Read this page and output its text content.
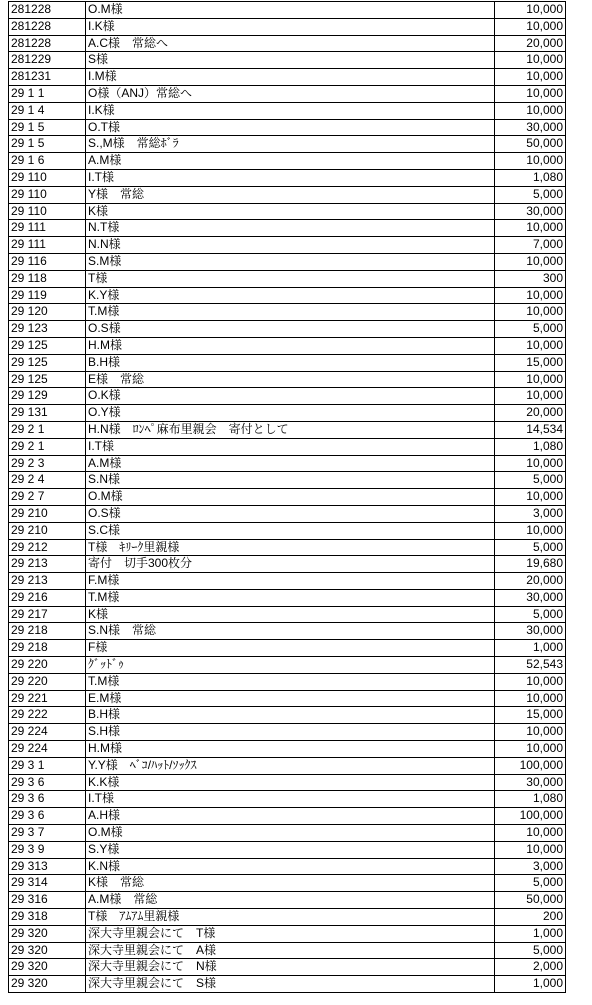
281228	O.M様	10,000
281228	I.K様	10,000
281228	A.C様　常総へ	20,000
281229	S様	10,000
281231	I.M様	10,000
29 1 1	O様（ANJ）常総へ	10,000
29 1 4	I.K様	10,000
29 1 5	O.T様	30,000
29 1 5	S.,M様　常総ﾎﾞﾗ	50,000
29 1 6	A.M様	10,000
29 110	I.T様	1,080
29 110	Y様　常総	5,000
29 110	K様	30,000
29 111	N.T様	10,000
29 111	N.N様	7,000
29 116	S.M様	10,000
29 118	T様	300
29 119	K.Y様	10,000
29 120	T.M様	10,000
29 123	O.S様	5,000
29 125	H.M様	10,000
29 125	B.H様	15,000
29 125	E様　常総	10,000
29 129	O.K様	10,000
29 131	O.Y様	20,000
29 2 1	H.N様　ﾛﾝﾍﾟ麻布里親会　寄付として	14,534
29 2 1	I.T様	1,080
29 2 3	A.M様	10,000
29 2 4	S.N様	5,000
29 2 7	O.M様	10,000
29 210	O.S様	3,000
29 210	S.C様	10,000
29 212	T様　ｷﾘｰｸ里親様	5,000
29 213	寄付　切手300枚分	19,680
29 213	F.M様	20,000
29 216	T.M様	30,000
29 217	K様	5,000
29 218	S.N様　常総	30,000
29 218	F様	1,000
29 220	ｸﾞｯﾄﾞｩ	52,543
29 220	T.M様	10,000
29 221	E.M様	10,000
29 222	B.H様	15,000
29 224	S.H様	10,000
29 224	H.M様	10,000
29 3 1	Y.Y様　ﾍﾞｺ/ﾊｯﾄ/ｿｯｸｽ	100,000
29 3 6	K.K様	30,000
29 3 6	I.T様	1,080
29 3 6	A.H様	100,000
29 3 7	O.M様	10,000
29 3 9	S.Y様	10,000
29 313	K.N様	3,000
29 314	K様　常総	5,000
29 316	A.M様　常総	50,000
29 318	T様　ｱﾑｱﾑ里親様	200
29 320	深大寺里親会にて　T様	1,000
29 320	深大寺里親会にて　A様	5,000
29 320	深大寺里親会にて　N様	2,000
29 320	深大寺里親会にて　S様	1,000
